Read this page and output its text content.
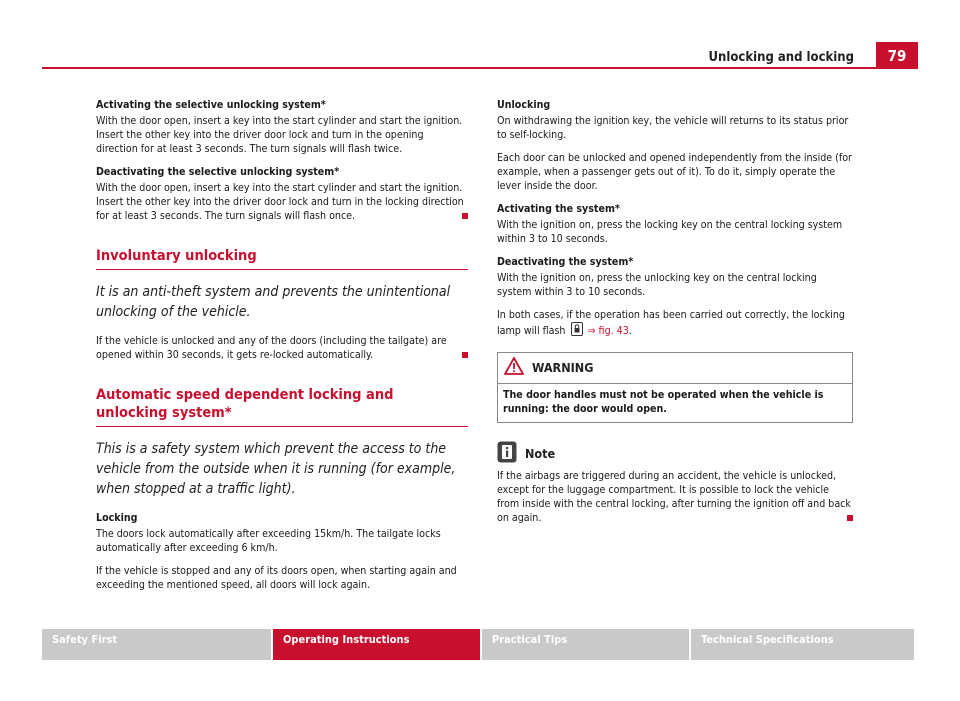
Unlocking and locking	79

Activating the selective unlocking system*

With the door open, insert a key into the start cylinder and start the ignition. Insert the other key into the driver door lock and turn in the opening direction for at least 3 seconds. The turn signals will flash twice.

Deactivating the selective unlocking system*

With the door open, insert a key into the start cylinder and start the ignition. Insert the other key into the driver door lock and turn in the locking direction for at least 3 seconds. The turn signals will flash once.

Involuntary unlocking
It is an anti-theft system and prevents the unintentional unlocking of the vehicle.

If the vehicle is unlocked and any of the doors (including the tailgate) are opened within 30 seconds, it gets re-locked automatically.

Automatic speed dependent locking and unlocking system*
This is a safety system which prevent the access to the vehicle from the outside when it is running (for example, when stopped at a traffic light).

Locking

The doors lock automatically after exceeding 15km/h. The tailgate locks automatically after exceeding 6 km/h.

If the vehicle is stopped and any of its doors open, when starting again and exceeding the mentioned speed, all doors will lock again.

Unlocking

On withdrawing the ignition key, the vehicle will returns to its status prior to self-locking.

Each door can be unlocked and opened independently from the inside (for example, when a passenger gets out of it). To do it, simply operate the lever inside the door.

Activating the system*

With the ignition on, press the locking key on the central locking system within 3 to 10 seconds.

Deactivating the system*

With the ignition on, press the unlocking key on the central locking system within 3 to 10 seconds.

In both cases, if the operation has been carried out correctly, the locking lamp will flash ⇒ fig. 43.

WARNING
The door handles must not be operated when the vehicle is running: the door would open.
Note

If the airbags are triggered during an accident, the vehicle is unlocked, except for the luggage compartment. It is possible to lock the vehicle from inside with the central locking, after turning the ignition off and back on again.

Safety First	Operating Instructions	Practical Tips	Technical Specifications
